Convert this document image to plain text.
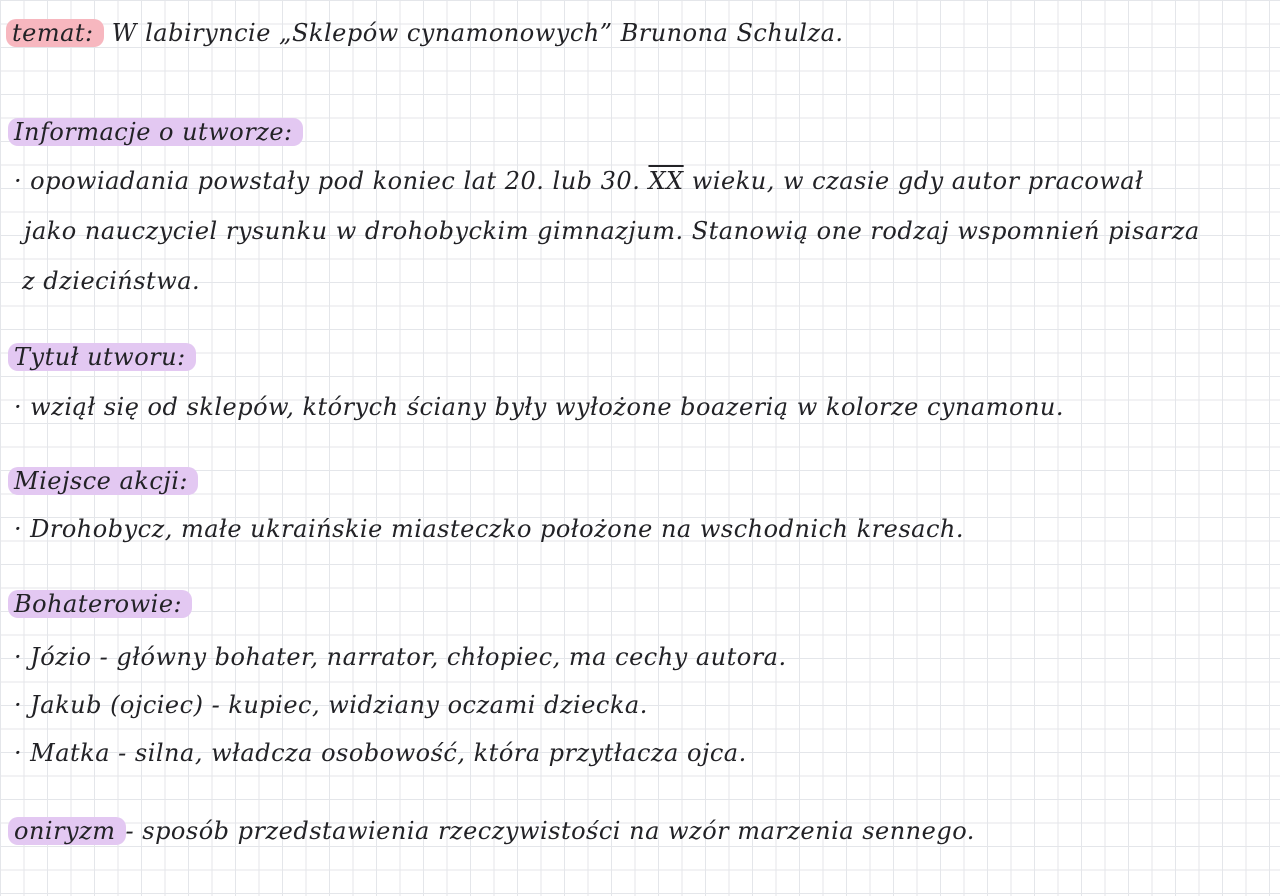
temat: W labiryncie „Sklepów cynamonowych” Brunona Schulza.
Informacje o utworze:
· opowiadania powstały pod koniec lat 20. lub 30. $\overline{XX}$ wieku, w czasie gdy autor pracował
jako nauczyciel rysunku w drohobyckim gimnazjum. Stanowią one rodzaj wspomnień pisarza
z dzieciństwa.
Tytuł utworu:
· wziął się od sklepów, których ściany były wyłożone boazerią w kolorze cynamonu.
Miejsce akcji:
· Drohobycz, małe ukraińskie miasteczko położone na wschodnich kresach.
Bohaterowie:
· Józio - główny bohater, narrator, chłopiec, ma cechy autora.
· Jakub (ojciec) - kupiec, widziany oczami dziecka.
· Matka - silna, władcza osobowość, która przytłacza ojca.
oniryzm - sposób przedstawienia rzeczywistości na wzór marzenia sennego.
